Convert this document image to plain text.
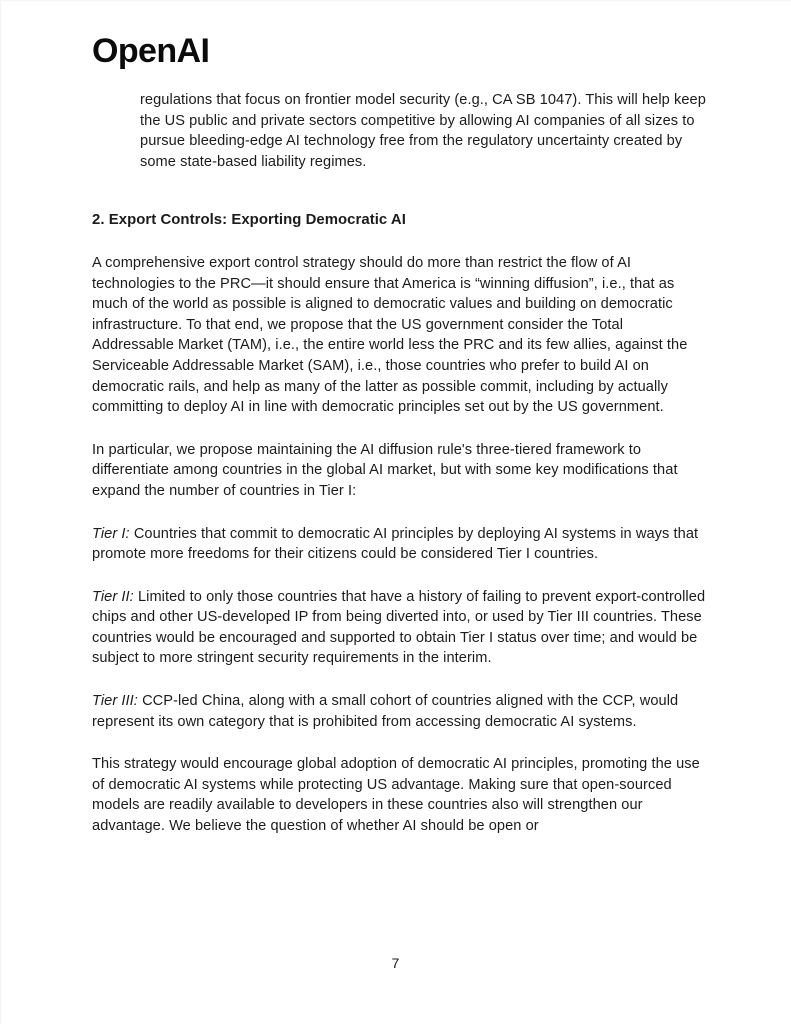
OpenAI

regulations that focus on frontier model security (e.g., CA SB 1047). This will help keep the US public and private sectors competitive by allowing AI companies of all sizes to pursue bleeding-edge AI technology free from the regulatory uncertainty created by some state-based liability regimes.

2. Export Controls: Exporting Democratic AI

A comprehensive export control strategy should do more than restrict the flow of AI technologies to the PRC—it should ensure that America is “winning diffusion”, i.e., that as much of the world as possible is aligned to democratic values and building on democratic infrastructure. To that end, we propose that the US government consider the Total Addressable Market (TAM), i.e., the entire world less the PRC and its few allies, against the Serviceable Addressable Market (SAM), i.e., those countries who prefer to build AI on democratic rails, and help as many of the latter as possible commit, including by actually committing to deploy AI in line with democratic principles set out by the US government.

In particular, we propose maintaining the AI diffusion rule's three-tiered framework to differentiate among countries in the global AI market, but with some key modifications that expand the number of countries in Tier I:

Tier I: Countries that commit to democratic AI principles by deploying AI systems in ways that promote more freedoms for their citizens could be considered Tier I countries.

Tier II: Limited to only those countries that have a history of failing to prevent export-controlled chips and other US-developed IP from being diverted into, or used by Tier III countries. These countries would be encouraged and supported to obtain Tier I status over time; and would be subject to more stringent security requirements in the interim.

Tier III: CCP-led China, along with a small cohort of countries aligned with the CCP, would represent its own category that is prohibited from accessing democratic AI systems.

This strategy would encourage global adoption of democratic AI principles, promoting the use of democratic AI systems while protecting US advantage. Making sure that open-sourced models are readily available to developers in these countries also will strengthen our advantage. We believe the question of whether AI should be open or

7
